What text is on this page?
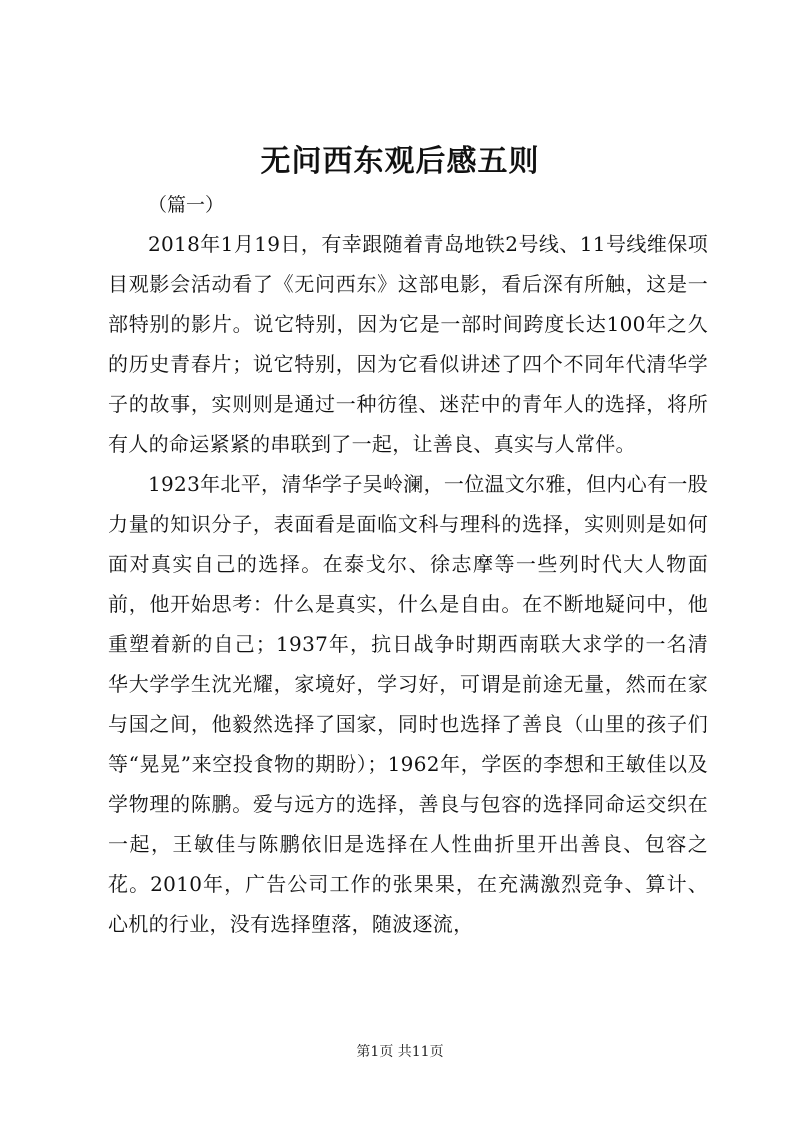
无问西东观后感五则

（篇一）

2018年1月19日，有幸跟随着青岛地铁2号线、11号线维保项目观影会活动看了《无问西东》这部电影，看后深有所触，这是一部特别的影片。说它特别，因为它是一部时间跨度长达100年之久的历史青春片；说它特别，因为它看似讲述了四个不同年代清华学子的故事，实则则是通过一种彷徨、迷茫中的青年人的选择，将所有人的命运紧紧的串联到了一起，让善良、真实与人常伴。

1923年北平，清华学子吴岭澜，一位温文尔雅，但内心有一股力量的知识分子，表面看是面临文科与理科的选择，实则则是如何面对真实自己的选择。在泰戈尔、徐志摩等一些列时代大人物面前，他开始思考：什么是真实，什么是自由。在不断地疑问中，他重塑着新的自己；1937年，抗日战争时期西南联大求学的一名清华大学学生沈光耀，家境好，学习好，可谓是前途无量，然而在家与国之间，他毅然选择了国家，同时也选择了善良（山里的孩子们等“晃晃”来空投食物的期盼）；1962年，学医的李想和王敏佳以及学物理的陈鹏。爱与远方的选择，善良与包容的选择同命运交织在一起，王敏佳与陈鹏依旧是选择在人性曲折里开出善良、包容之花。2010年，广告公司工作的张果果，在充满激烈竞争、算计、心机的行业，没有选择堕落，随波逐流，

第1页 共11页
